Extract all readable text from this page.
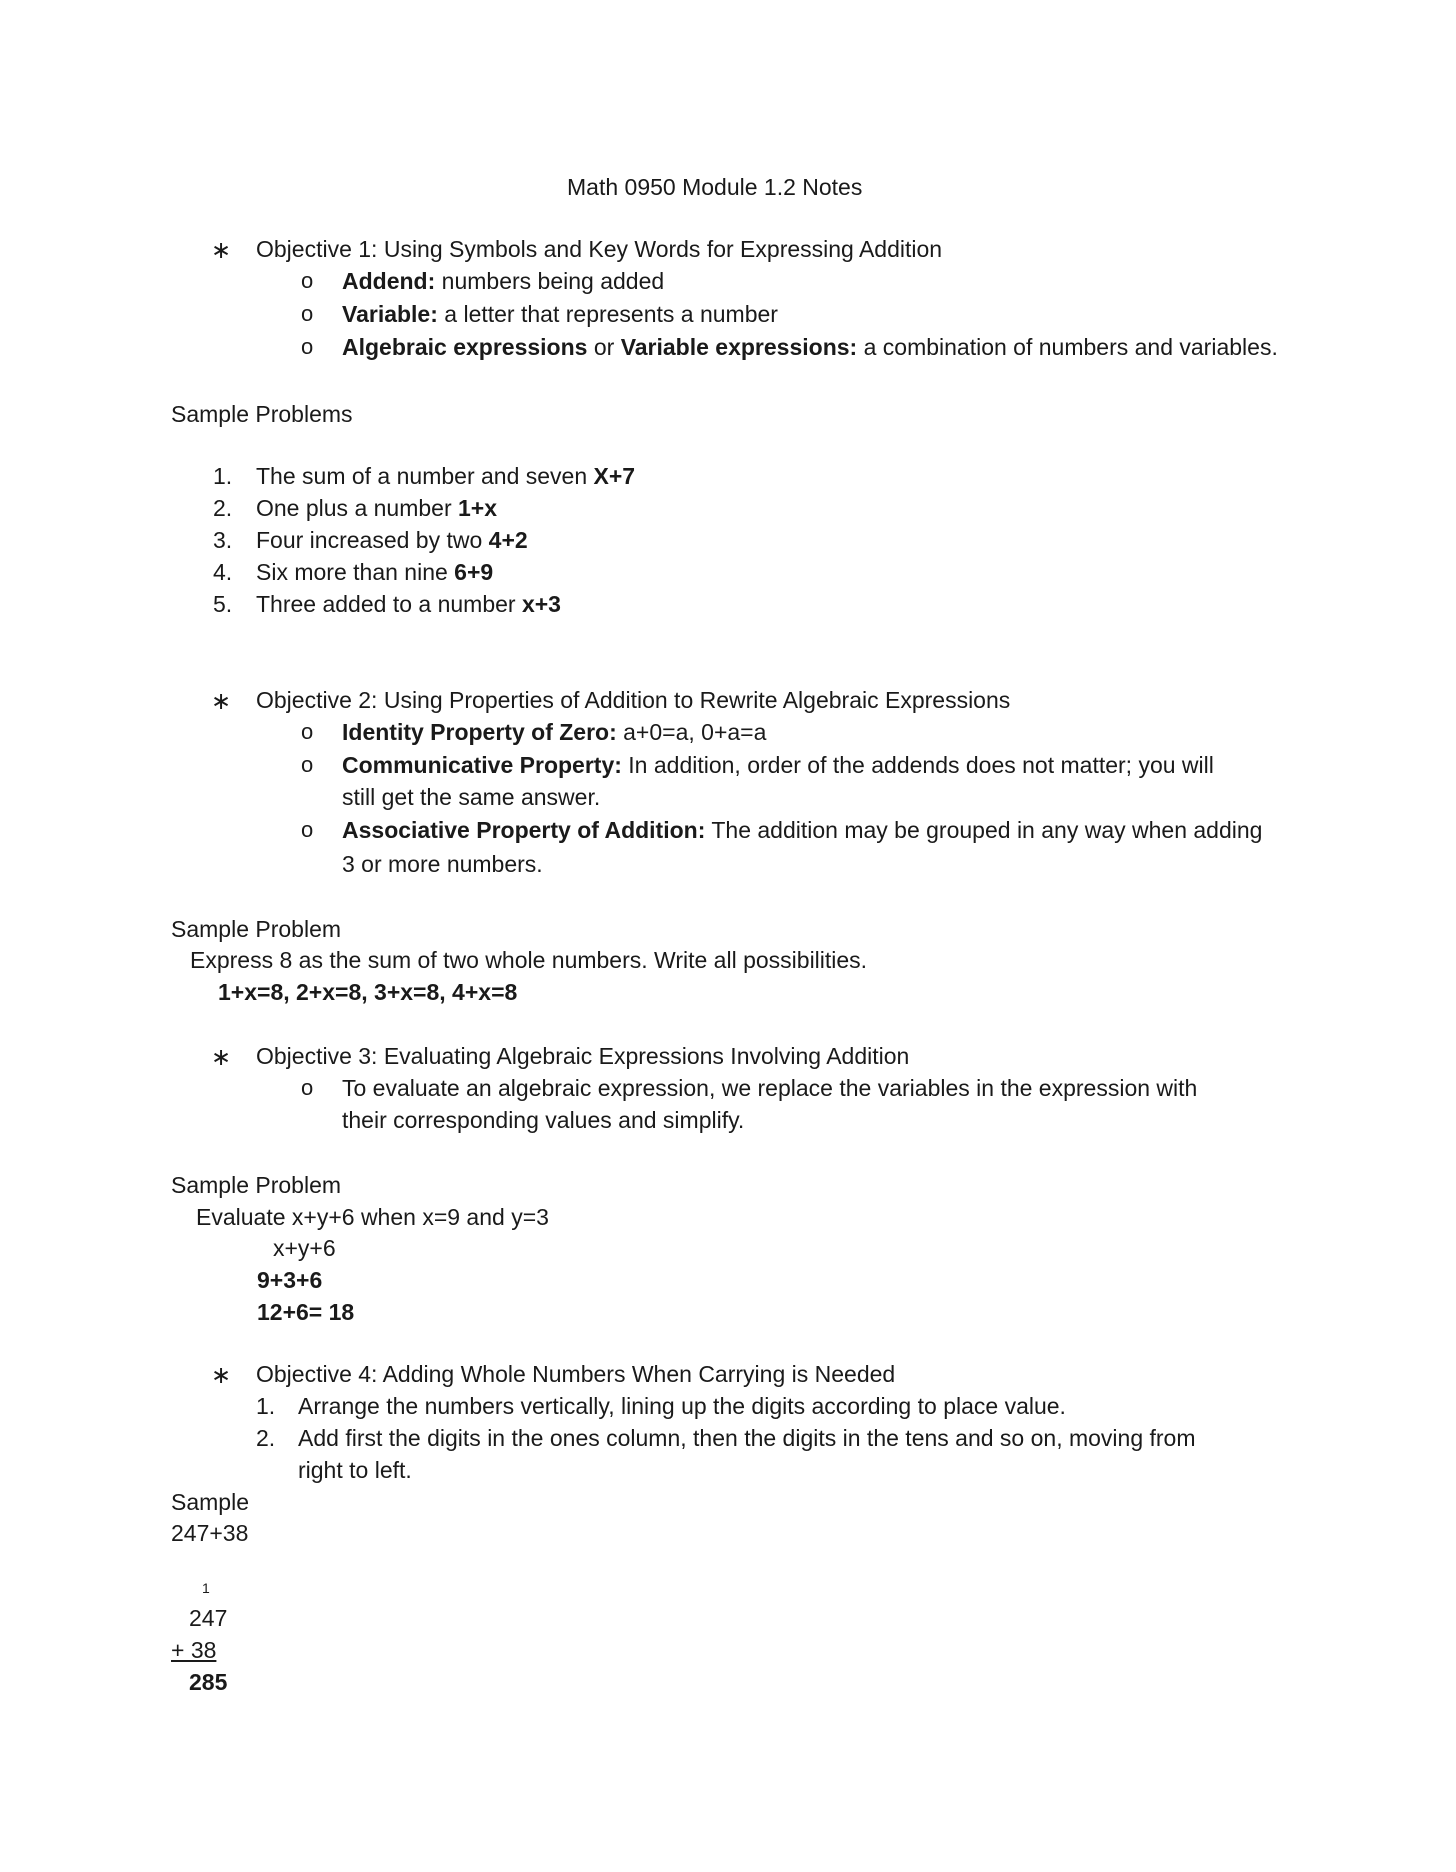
Math 0950 Module 1.2 Notes
∗ Objective 1: Using Symbols and Key Words for Expressing Addition
o Addend: numbers being added
o Variable: a letter that represents a number
o Algebraic expressions or Variable expressions: a combination of numbers and variables.
Sample Problems
1. The sum of a number and seven X+7
2. One plus a number 1+x
3. Four increased by two 4+2
4. Six more than nine 6+9
5. Three added to a number x+3
∗ Objective 2: Using Properties of Addition to Rewrite Algebraic Expressions
o Identity Property of Zero: a+0=a, 0+a=a
o Communicative Property: In addition, order of the addends does not matter; you will
still get the same answer.
o Associative Property of Addition: The addition may be grouped in any way when adding
3 or more numbers.
Sample Problem
Express 8 as the sum of two whole numbers. Write all possibilities.
1+x=8, 2+x=8, 3+x=8, 4+x=8
∗ Objective 3: Evaluating Algebraic Expressions Involving Addition
o To evaluate an algebraic expression, we replace the variables in the expression with
their corresponding values and simplify.
Sample Problem
Evaluate x+y+6 when x=9 and y=3
x+y+6
9+3+6
12+6= 18
∗ Objective 4: Adding Whole Numbers When Carrying is Needed
1. Arrange the numbers vertically, lining up the digits according to place value.
2. Add first the digits in the ones column, then the digits in the tens and so on, moving from
right to left.
Sample
247+38
1
247
+ 38
285
